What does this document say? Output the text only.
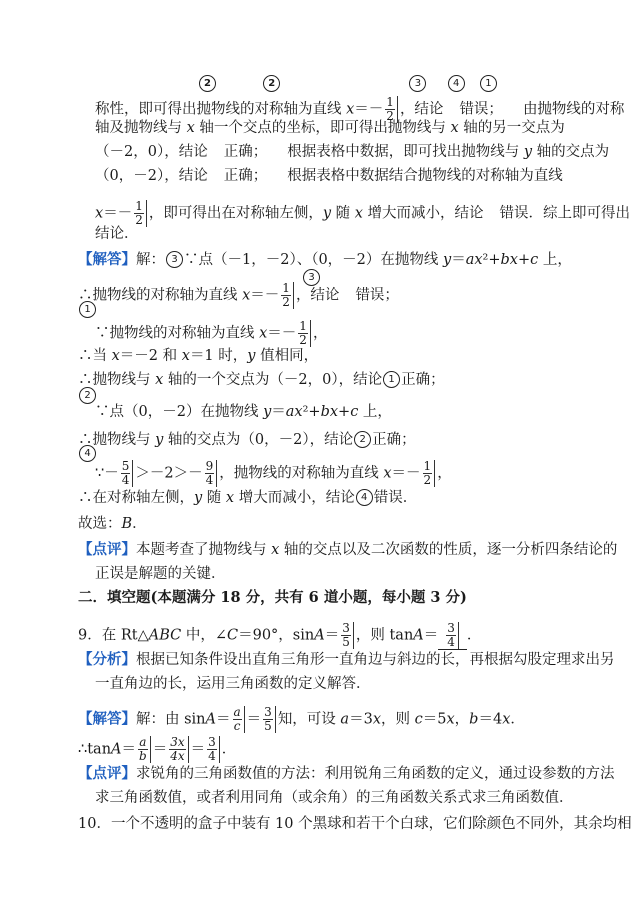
2	2	3	4	1
称性，即可得出抛物线的对称轴为直线 $x=- \frac{1}{2}$ ，结论 错误； 由抛物线的对称
轴及抛物线与 x 轴一个交点的坐标，即可得出抛物线与 x 轴的另一交点为
（－2，0），结论 正确； 根据表格中数据，即可找出抛物线与 y 轴的交点为
（0，－2），结论 正确； 根据表格中数据结合抛物线的对称轴为直线
$x=- \frac{1}{2}$ ，即可得出在对称轴左侧，y 随 x 增大而减小，结论 错误．综上即可得出
结论．
【解答】解： 3 ∵点（－1，－2）、（0，－2）在抛物线 y＝ax²+bx+c 上，
∴抛物线的对称轴为直线 $x=- \frac{1}{2}$ ，结论 错误；
3
1
∵抛物线的对称轴为直线 $x=- \frac{1}{2}$ ，
∴当 x＝－2 和 x＝1 时，y 值相同，
∴抛物线与 x 轴的一个交点为（－2，0），结论 1 正确；
2
∵点（0，－2）在抛物线 y＝ax²+bx+c 上，
∴抛物线与 y 轴的交点为（0，－2），结论 2 正确；
4
∵－ $\frac{5}{4} >-2>- \frac{9}{4}$ ，抛物线的对称轴为直线 $x=- \frac{1}{2}$ ，
∴在对称轴左侧，y 随 x 增大而减小，结论 4 错误．
故选：B．
【点评】本题考查了抛物线与 x 轴的交点以及二次函数的性质，逐一分析四条结论的
正误是解题的关键．
二．填空题(本题满分 18 分，共有 6 道小题，每小题 3 分)
9．在 Rt△ABC 中，∠C＝90°，$\sin A= \frac{3}{5}$ ，则 $\tan A= \frac{3}{4}$ ．
【分析】根据已知条件设出直角三角形一直角边与斜边的长，再根据勾股定理求出另
一直角边的长，运用三角函数的定义解答．
【解答】解：由 $\sin A= \frac{a}{c} = \frac{3}{5}$ 知，可设 a＝3x，则 c＝5x，b＝4x．
∴tanA＝ $\frac{a}{b} = \frac{3x}{4x} = \frac{3}{4}$ ．
【点评】求锐角的三角函数值的方法：利用锐角三角函数的定义，通过设参数的方法
求三角函数值，或者利用同角（或余角）的三角函数关系式求三角函数值．
10．一个不透明的盒子中装有 10 个黑球和若干个白球，它们除颜色不同外，其余均相
